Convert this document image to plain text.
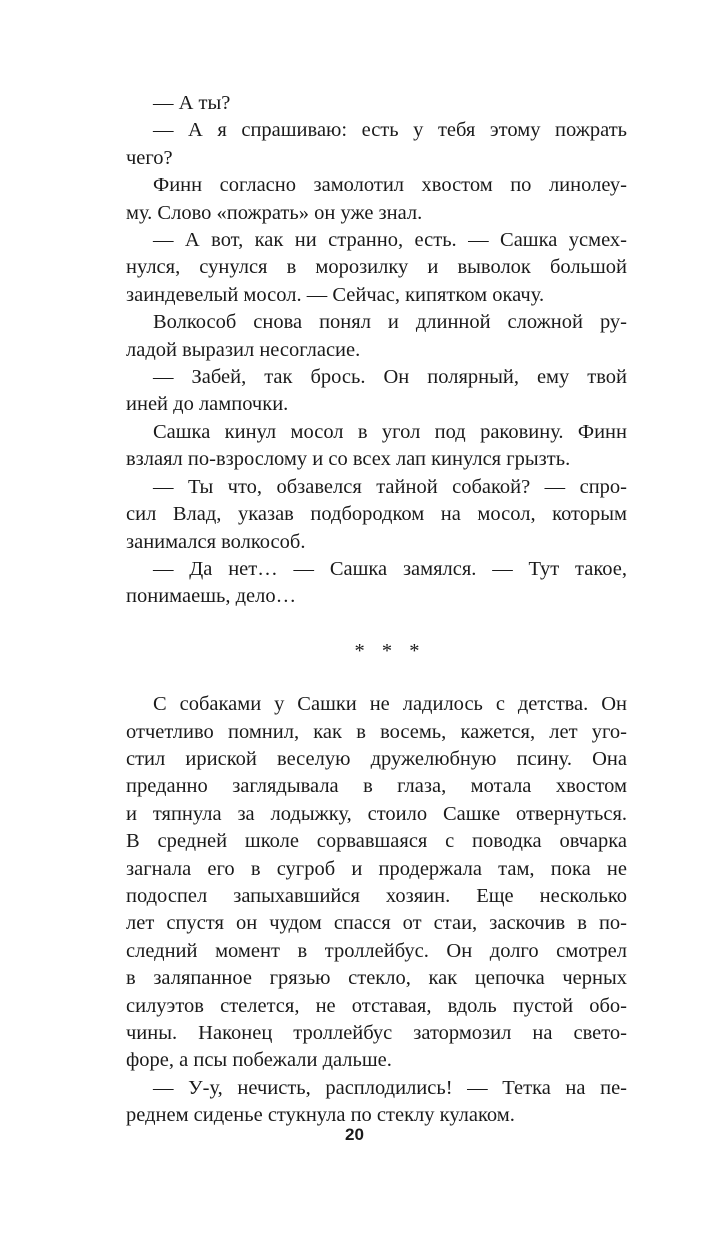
— А ты?
— А я спрашиваю: есть у тебя этому пожрать
чего?
Финн согласно замолотил хвостом по линолеу-
му. Слово «пожрать» он уже знал.
— А вот, как ни странно, есть. — Сашка усмех-
нулся, сунулся в морозилку и выволок большой
заиндевелый мосол. — Сейчас, кипятком окачу.
Волкособ снова понял и длинной сложной ру-
ладой выразил несогласие.
— Забей, так брось. Он полярный, ему твой
иней до лампочки.
Сашка кинул мосол в угол под раковину. Финн
взлаял по-взрослому и со всех лап кинулся грызть.
— Ты что, обзавелся тайной собакой? — спро-
сил Влад, указав подбородком на мосол, которым
занимался волкособ.
— Да нет… — Сашка замялся. — Тут такое,
понимаешь, дело…
* * *
С собаками у Сашки не ладилось с детства. Он
отчетливо помнил, как в восемь, кажется, лет уго-
стил ириской веселую дружелюбную псину. Она
преданно заглядывала в глаза, мотала хвостом
и тяпнула за лодыжку, стоило Сашке отвернуться.
В средней школе сорвавшаяся с поводка овчарка
загнала его в сугроб и продержала там, пока не
подоспел запыхавшийся хозяин. Еще несколько
лет спустя он чудом спасся от стаи, заскочив в по-
следний момент в троллейбус. Он долго смотрел
в заляпанное грязью стекло, как цепочка черных
силуэтов стелется, не отставая, вдоль пустой обо-
чины. Наконец троллейбус затормозил на свето-
форе, а псы побежали дальше.
— У-у, нечисть, расплодились! — Тетка на пе-
реднем сиденье стукнула по стеклу кулаком.
20
